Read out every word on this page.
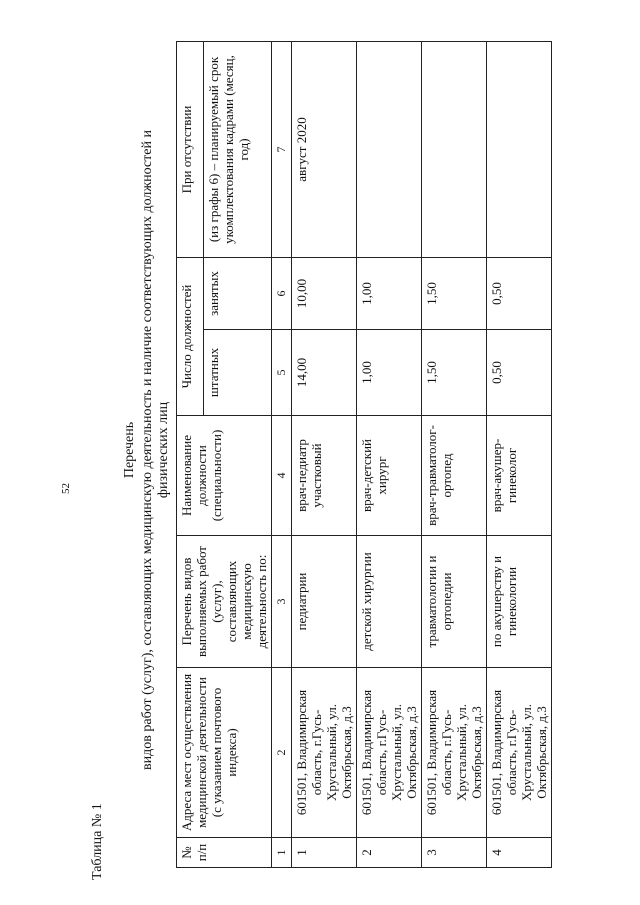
52
Таблица № 1
Перечень видов работ (услуг), составляющих медицинскую деятельность и наличие соответствующих должностей и физических лиц
№ п/п	Адреса мест осуществления медицинской деятельности (с указанием почтового индекса)	Перечень видов выполняемых работ (услуг), составляющих медицинскую деятельность по:	Наименование должности (специальности)	Число должностей		При отсутствии
				штатных	занятых	(из графы 6) – планируемый срок укомплектования кадрами (месяц, год)
1	2	3	4	5	6	7
1	601501, Владимирская область, г.Гусь-Хрустальный, ул. Октябрьская, д.3	педиатрии	врач-педиатр участковый	14,00	10,00	август 2020
2	601501, Владимирская область, г.Гусь-Хрустальный, ул. Октябрьская, д.3	детской хирургии	врач-детский хирург	1,00	1,00	
3	601501, Владимирская область, г.Гусь-Хрустальный, ул. Октябрьская, д.3	травматологии и ортопедии	врач-травматолог-ортопед	1,50	1,50	
4	601501, Владимирская область, г.Гусь-Хрустальный, ул. Октябрьская, д.3	по акушерству и гинекологии	врач-акушер-гинеколог	0,50	0,50	
